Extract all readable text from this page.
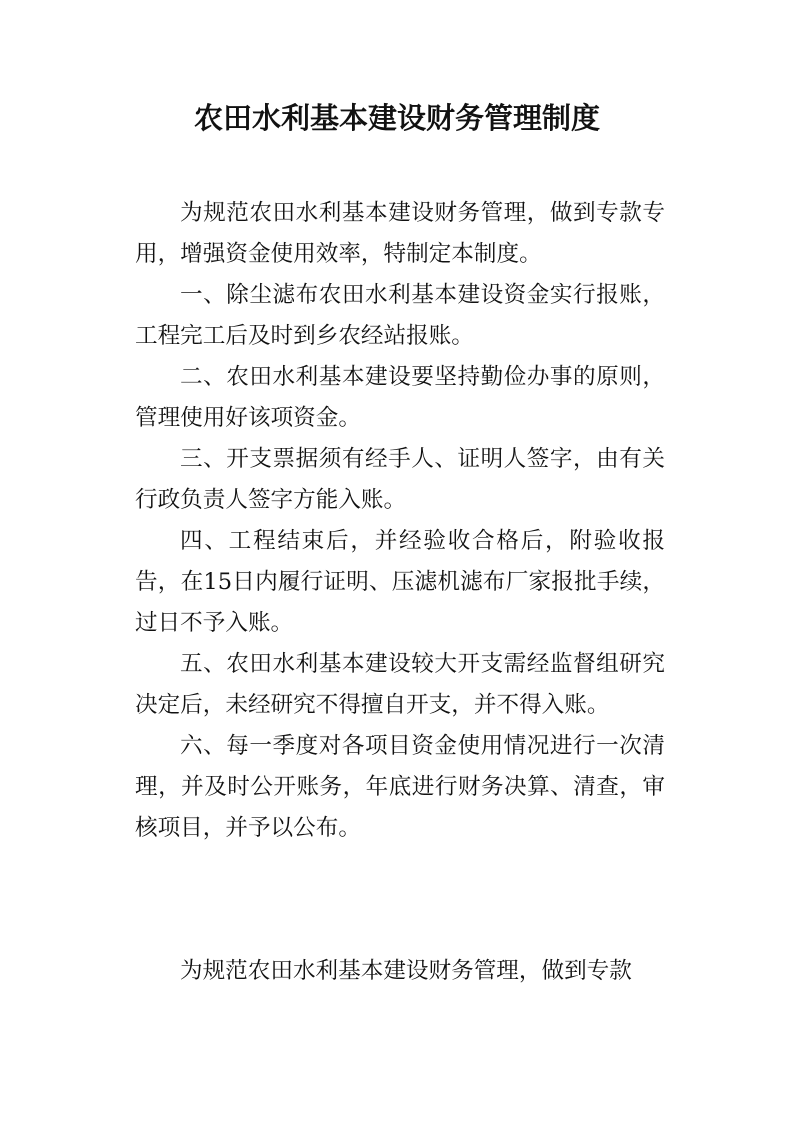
农田水利基本建设财务管理制度

为规范农田水利基本建设财务管理，做到专款专用，增强资金使用效率，特制定本制度。

一、除尘滤布农田水利基本建设资金实行报账，工程完工后及时到乡农经站报账。

二、农田水利基本建设要坚持勤俭办事的原则，管理使用好该项资金。

三、开支票据须有经手人、证明人签字，由有关行政负责人签字方能入账。

四、工程结束后，并经验收合格后，附验收报告，在15日内履行证明、压滤机滤布厂家报批手续，过日不予入账。

五、农田水利基本建设较大开支需经监督组研究决定后，未经研究不得擅自开支，并不得入账。

六、每一季度对各项目资金使用情况进行一次清理，并及时公开账务，年底进行财务决算、清查，审核项目，并予以公布。

为规范农田水利基本建设财务管理，做到专款
